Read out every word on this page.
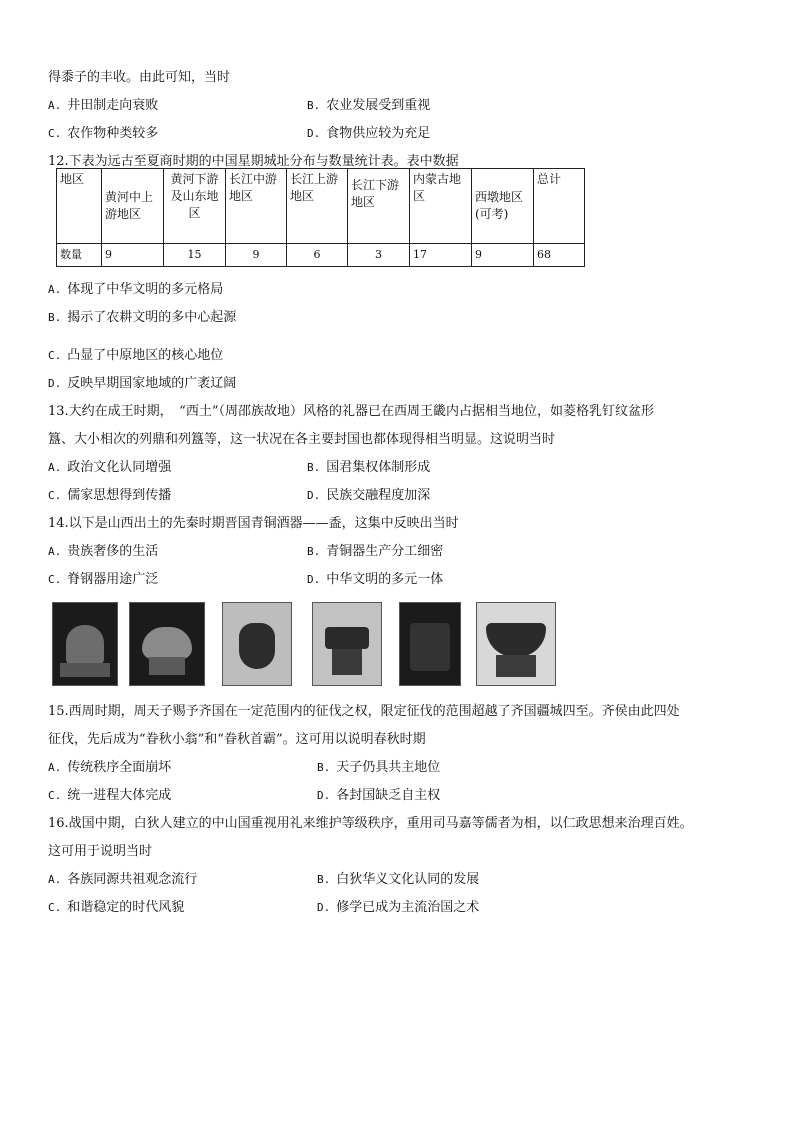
得黍子的丰收。由此可知，当时
A. 井田制走向衰败	B. 农业发展受到重视
C. 农作物种类较多	D. 食物供应较为充足
12.下表为远古至夏商时期的中国星期城址分布与数量统计表。表中数据
地区	黄河中上游地区	黄河下游及山东地区	长江中游地区	长江上游地区	长江下游地区	内蒙古地区	西墩地区(可考)	总计
数量	9	15	9	6	3	17	9	68
A. 体现了中华文明的多元格局
B. 揭示了农耕文明的多中心起源
C. 凸显了中原地区的核心地位
D. 反映早期国家地域的广袤辽阔
13.大约在成王时期，　“西土”（周邵族故地）风格的礼器已在西周王畿内占据相当地位，如菱格乳钉纹盆形
簋、大小相次的列鼎和列簋等，这一状况在各主要封国也都体现得相当明显。这说明当时
A. 政治文化认同增强	B. 国君集权体制形成
C. 儒家思想得到传播	D. 民族交融程度加深
14.以下是山西出土的先秦时期晋国青铜酒器——盉，这集中反映出当时
A. 贵族奢侈的生活	B. 青铜器生产分工细密
C. 脊钢器用途广泛	D. 中华文明的多元一体
15.西周时期，周天子赐予齐国在一定范围内的征伐之权，限定征伐的范围超越了齐国疆城四至。齐侯由此四处
征伐，先后成为“眷秋小翁”和“眷秋首霸”。这可用以说明春秋时期
A. 传统秩序全面崩坏	B. 天子仍具共主地位
C. 统一进程大体完成	D. 各封国缺乏自主权
16.战国中期，白狄人建立的中山国重视用礼来维护等级秩序，重用司马嘉等儒者为相，以仁政思想来治理百姓。
这可用于说明当时
A. 各族同源共祖观念流行	B. 白狄华义文化认同的发展
C. 和谐稳定的时代风貌	D. 修学已成为主流治国之术
